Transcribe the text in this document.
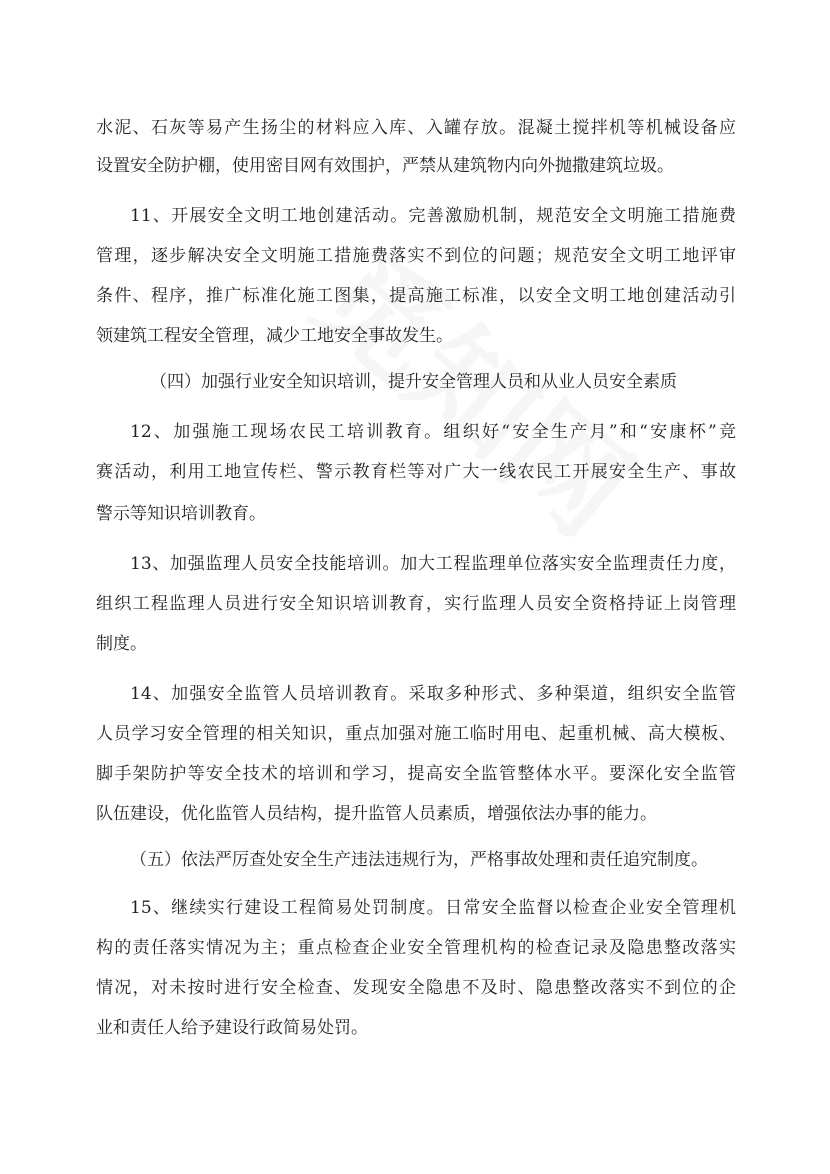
水泥、石灰等易产生扬尘的材料应入库、入罐存放。混凝土搅拌机等机械设备应
设置安全防护棚，使用密目网有效围护，严禁从建筑物内向外抛撒建筑垃圾。
11、开展安全文明工地创建活动。完善激励机制，规范安全文明施工措施费
管理，逐步解决安全文明施工措施费落实不到位的问题；规范安全文明工地评审
条件、程序，推广标准化施工图集，提高施工标准，以安全文明工地创建活动引
领建筑工程安全管理，减少工地安全事故发生。
（四）加强行业安全知识培训，提升安全管理人员和从业人员安全素质
12、加强施工现场农民工培训教育。组织好“安全生产月”和“安康杯”竞
赛活动，利用工地宣传栏、警示教育栏等对广大一线农民工开展安全生产、事故
警示等知识培训教育。
13、加强监理人员安全技能培训。加大工程监理单位落实安全监理责任力度，
组织工程监理人员进行安全知识培训教育，实行监理人员安全资格持证上岗管理
制度。
14、加强安全监管人员培训教育。采取多种形式、多种渠道，组织安全监管
人员学习安全管理的相关知识，重点加强对施工临时用电、起重机械、高大模板、
脚手架防护等安全技术的培训和学习，提高安全监管整体水平。要深化安全监管
队伍建设，优化监管人员结构，提升监管人员素质，增强依法办事的能力。
（五）依法严厉查处安全生产违法违规行为，严格事故处理和责任追究制度。
15、继续实行建设工程简易处罚制度。日常安全监督以检查企业安全管理机
构的责任落实情况为主；重点检查企业安全管理机构的检查记录及隐患整改落实
情况，对未按时进行安全检查、发现安全隐患不及时、隐患整改落实不到位的企
业和责任人给予建设行政简易处罚。
